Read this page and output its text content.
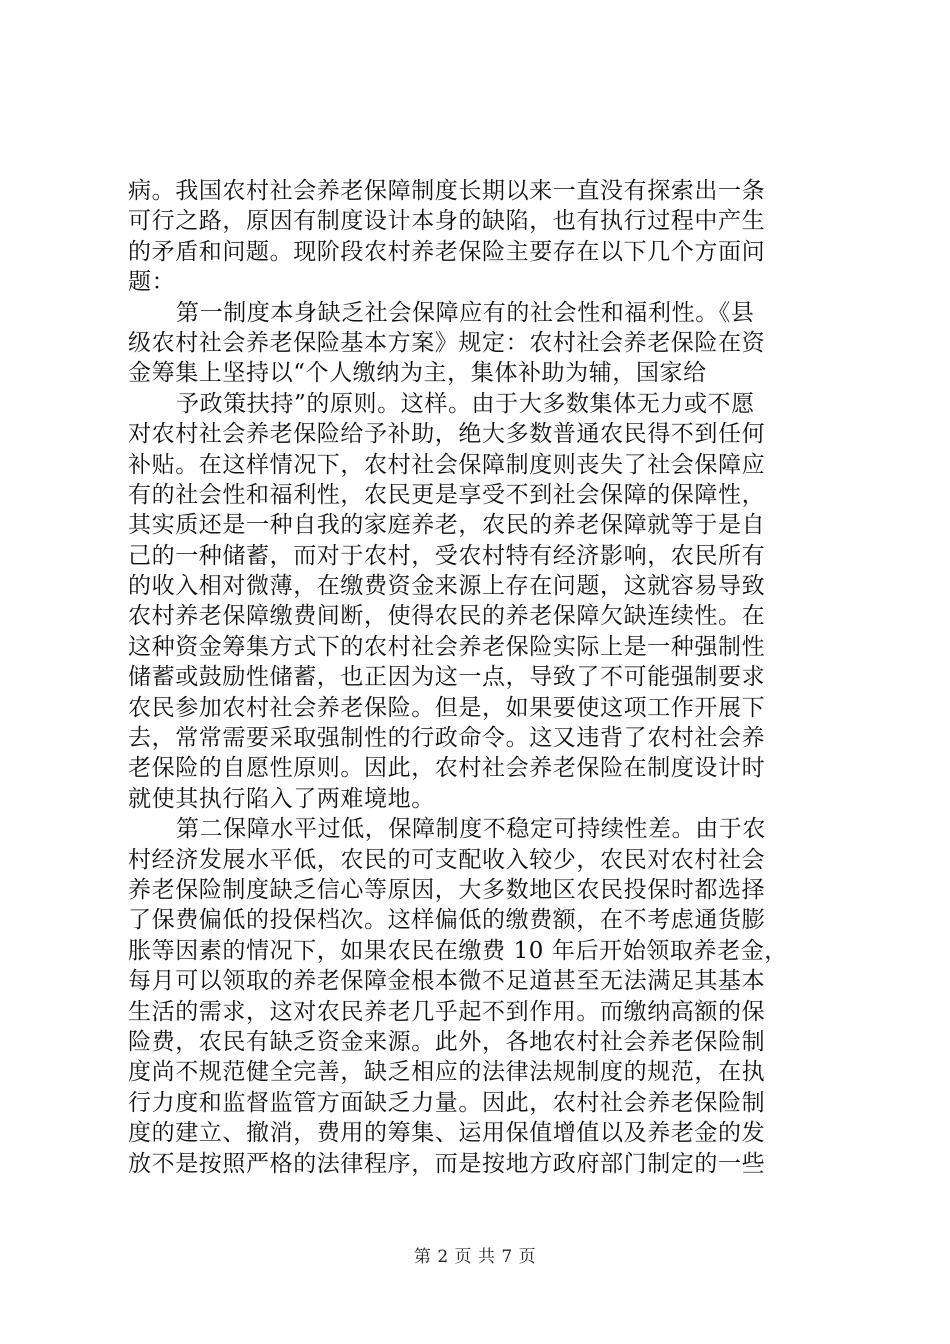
病。我国农村社会养老保障制度长期以来一直没有探索出一条
可行之路，原因有制度设计本身的缺陷，也有执行过程中产生
的矛盾和问题。现阶段农村养老保险主要存在以下几个方面问
题：
第一制度本身缺乏社会保障应有的社会性和福利性。《县
级农村社会养老保险基本方案》规定：农村社会养老保险在资
金筹集上坚持以“个人缴纳为主，集体补助为辅，国家给
予政策扶持”的原则。这样。由于大多数集体无力或不愿
对农村社会养老保险给予补助，绝大多数普通农民得不到任何
补贴。在这样情况下，农村社会保障制度则丧失了社会保障应
有的社会性和福利性，农民更是享受不到社会保障的保障性，
其实质还是一种自我的家庭养老，农民的养老保障就等于是自
己的一种储蓄，而对于农村，受农村特有经济影响，农民所有
的收入相对微薄，在缴费资金来源上存在问题，这就容易导致
农村养老保障缴费间断，使得农民的养老保障欠缺连续性。在
这种资金筹集方式下的农村社会养老保险实际上是一种强制性
储蓄或鼓励性储蓄，也正因为这一点，导致了不可能强制要求
农民参加农村社会养老保险。但是，如果要使这项工作开展下
去，常常需要采取强制性的行政命令。这又违背了农村社会养
老保险的自愿性原则。因此，农村社会养老保险在制度设计时
就使其执行陷入了两难境地。
第二保障水平过低，保障制度不稳定可持续性差。由于农
村经济发展水平低，农民的可支配收入较少，农民对农村社会
养老保险制度缺乏信心等原因，大多数地区农民投保时都选择
了保费偏低的投保档次。这样偏低的缴费额，在不考虑通货膨
胀等因素的情况下，如果农民在缴费 10 年后开始领取养老金，
每月可以领取的养老保障金根本微不足道甚至无法满足其基本
生活的需求，这对农民养老几乎起不到作用。而缴纳高额的保
险费，农民有缺乏资金来源。此外，各地农村社会养老保险制
度尚不规范健全完善，缺乏相应的法律法规制度的规范，在执
行力度和监督监管方面缺乏力量。因此，农村社会养老保险制
度的建立、撤消，费用的筹集、运用保值增值以及养老金的发
放不是按照严格的法律程序，而是按地方政府部门制定的一些
第 2 页 共 7 页
